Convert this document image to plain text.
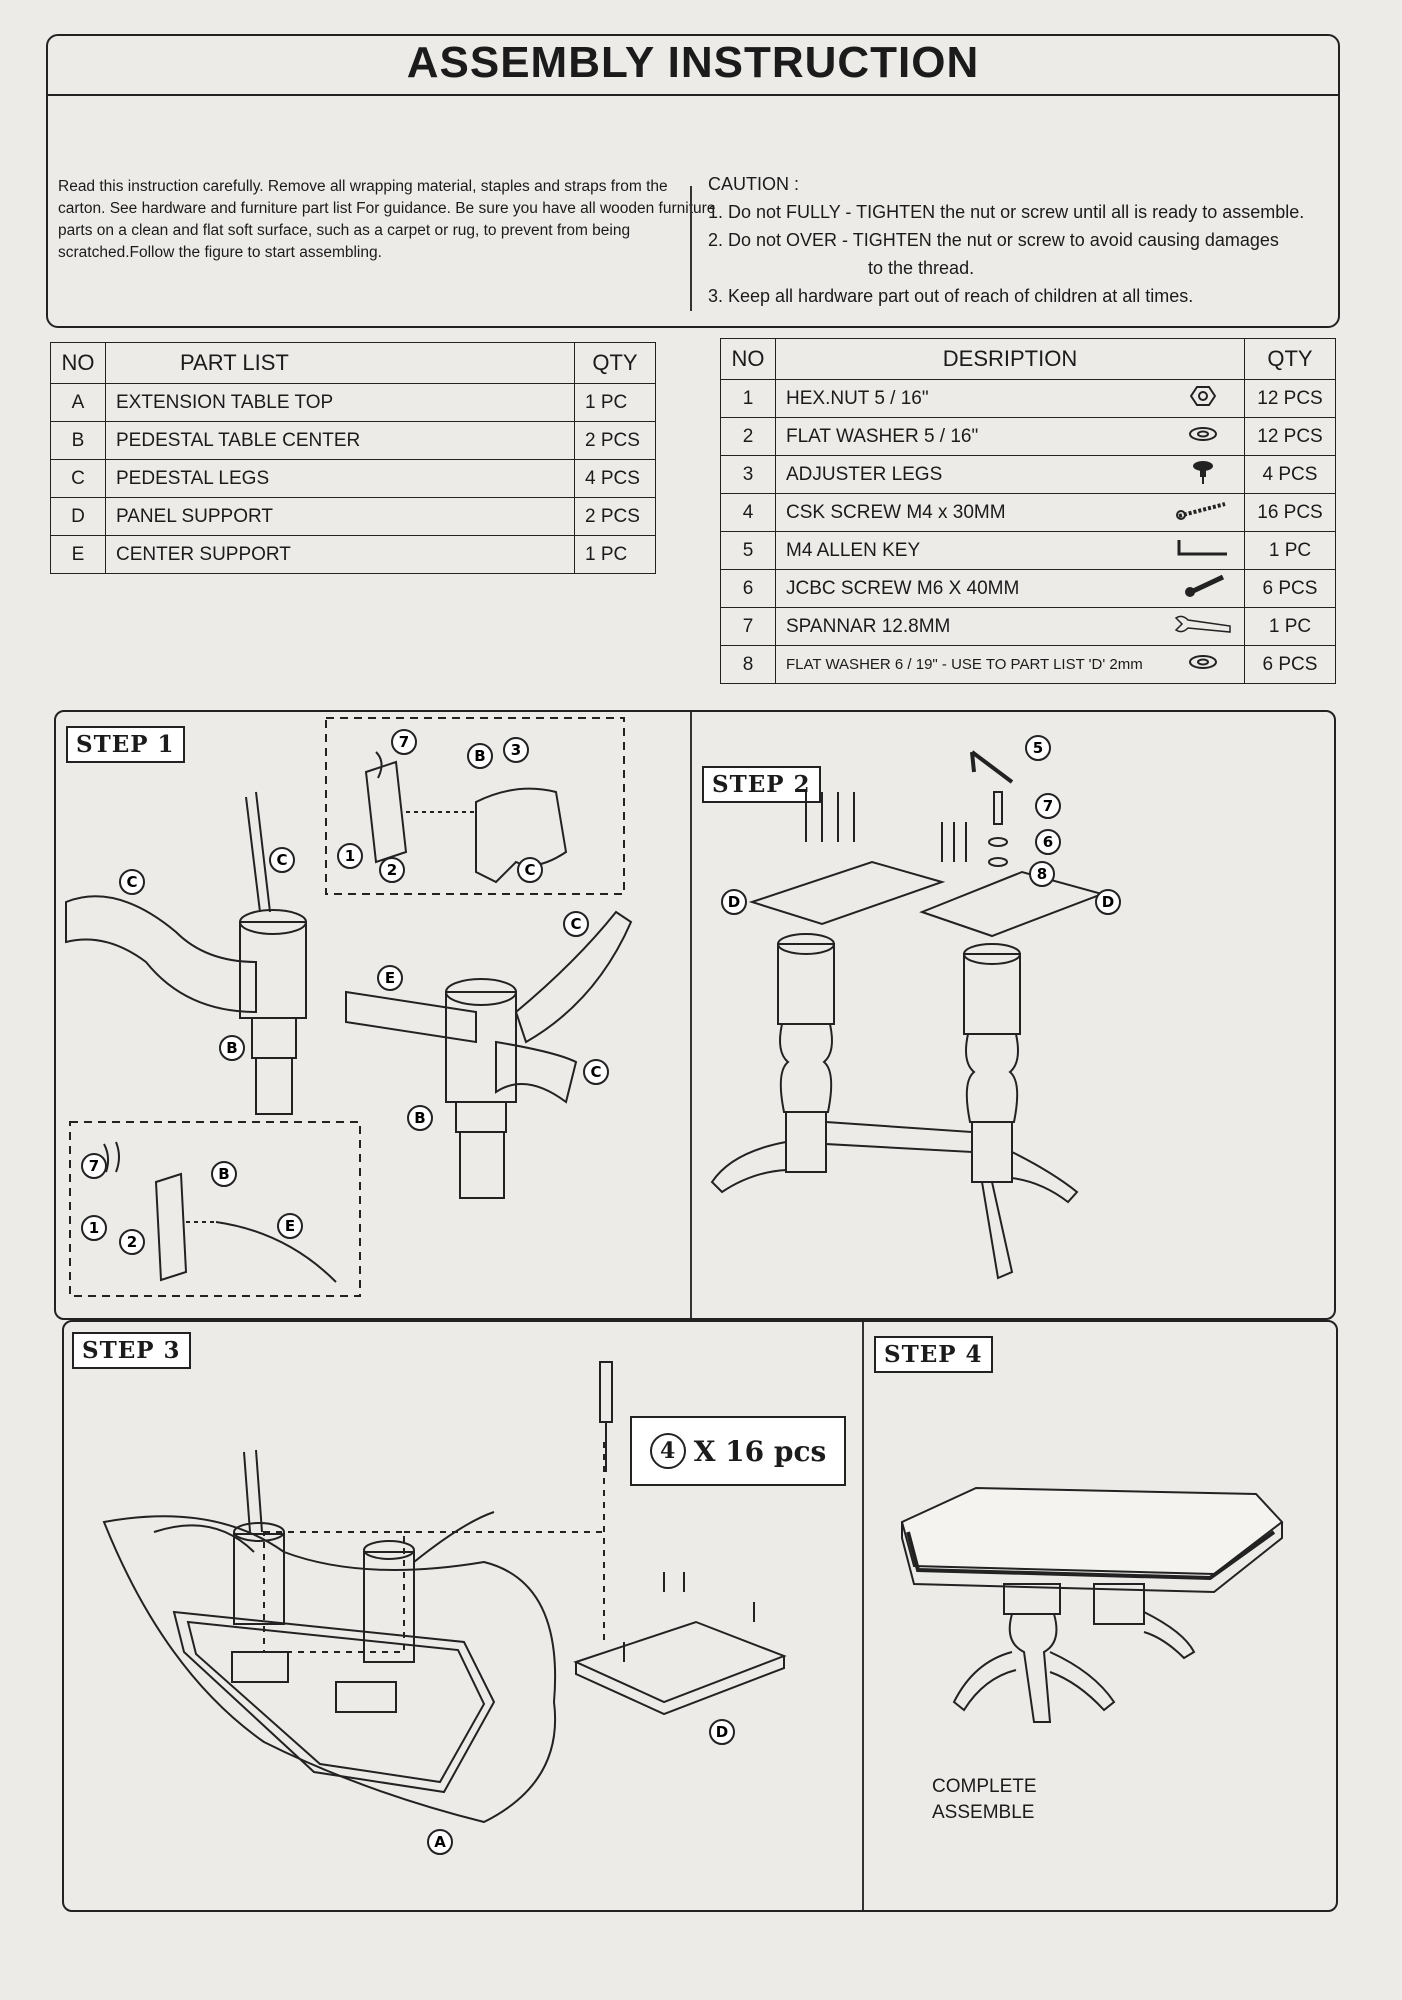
ASSEMBLY INSTRUCTION
Read this instruction carefully. Remove all wrapping material, staples and straps from the carton. See hardware and furniture part list For guidance. Be sure you have all wooden furniture parts on a clean and flat soft surface, such as a carpet or rug, to prevent from being scratched.Follow the figure to start assembling.
CAUTION :
1. Do not FULLY - TIGHTEN the nut or screw until all is ready to assemble.
2. Do not OVER - TIGHTEN the nut or screw to avoid causing damages
to the thread.
3. Keep all hardware part out of reach of children at all times.
NO	PART LIST	QTY
A	EXTENSION TABLE TOP	1 PC
B	PEDESTAL TABLE CENTER	2 PCS
C	PEDESTAL LEGS	4 PCS
D	PANEL SUPPORT	2 PCS
E	CENTER SUPPORT	1 PC
NO	DESRIPTION		QTY
1	HEX.NUT 5 / 16"		12 PCS
2	FLAT WASHER 5 / 16"		12 PCS
3	ADJUSTER LEGS		4 PCS
4	CSK SCREW M4 x 30MM		16 PCS
5	M4 ALLEN KEY		1 PC
6	JCBC SCREW M6 X 40MM		6 PCS
7	SPANNAR 12.8MM		1 PC
8	FLAT WASHER 6 / 19" - USE TO PART LIST 'D' 2mm		6 PCS
STEP 1
STEP 2
C
C
B
E
C
C
B
7
B 3
1
2	C
7	B
E
1
2
5
7
6
8
D	D
STEP 3	STEP 4
4 X 16 pcs
A
D
COMPLETE
ASSEMBLE
